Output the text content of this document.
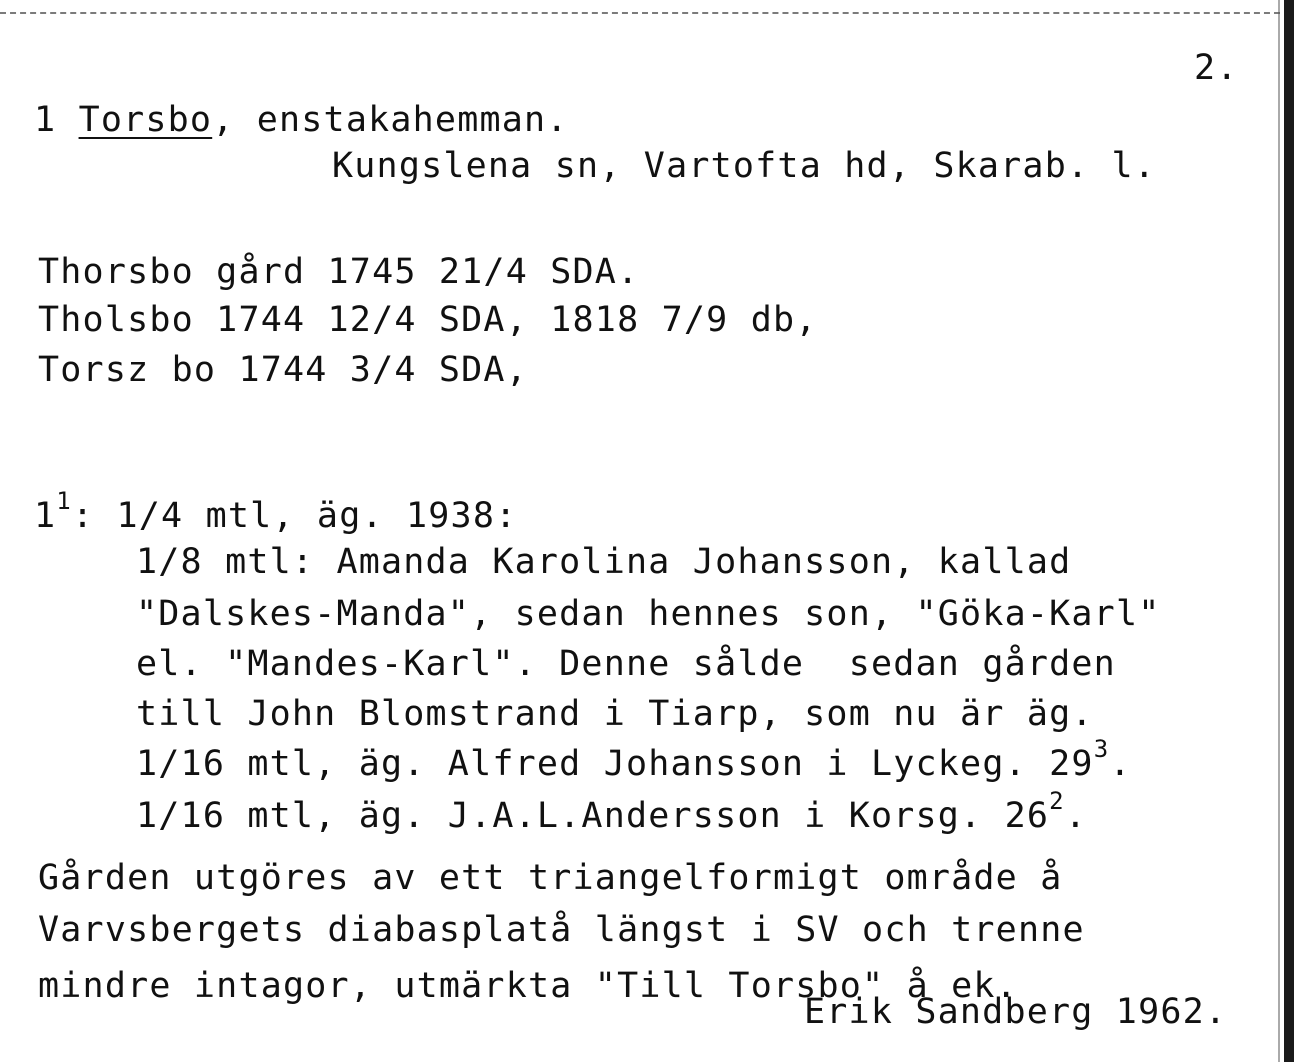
2.
1 Torsbo, enstakahemman.
Kungslena sn, Vartofta hd, Skarab. l.
Thorsbo gård 1745 21/4 SDA.
Tholsbo 1744 12/4 SDA, 1818 7/9 db,
Torsz bo 1744 3/4 SDA,
$1^1$: 1/4 mtl, äg. 1938:
1/8 mtl: Amanda Karolina Johansson, kallad
"Dalskes-Manda", sedan hennes son, "Göka-Karl"
el. "Mandes-Karl". Denne sålde  sedan gården
till John Blomstrand i Tiarp, som nu är äg.
1/16 mtl, äg. Alfred Johansson i Lyckeg. $29^3$.
1/16 mtl, äg. J.A.L.Andersson i Korsg. $26^2$.
Gården utgöres av ett triangelformigt område å
Varvsbergets diabasplatå längst i SV och trenne
mindre intagor, utmärkta "Till Torsbo" å ek.
Erik Sandberg 1962.
